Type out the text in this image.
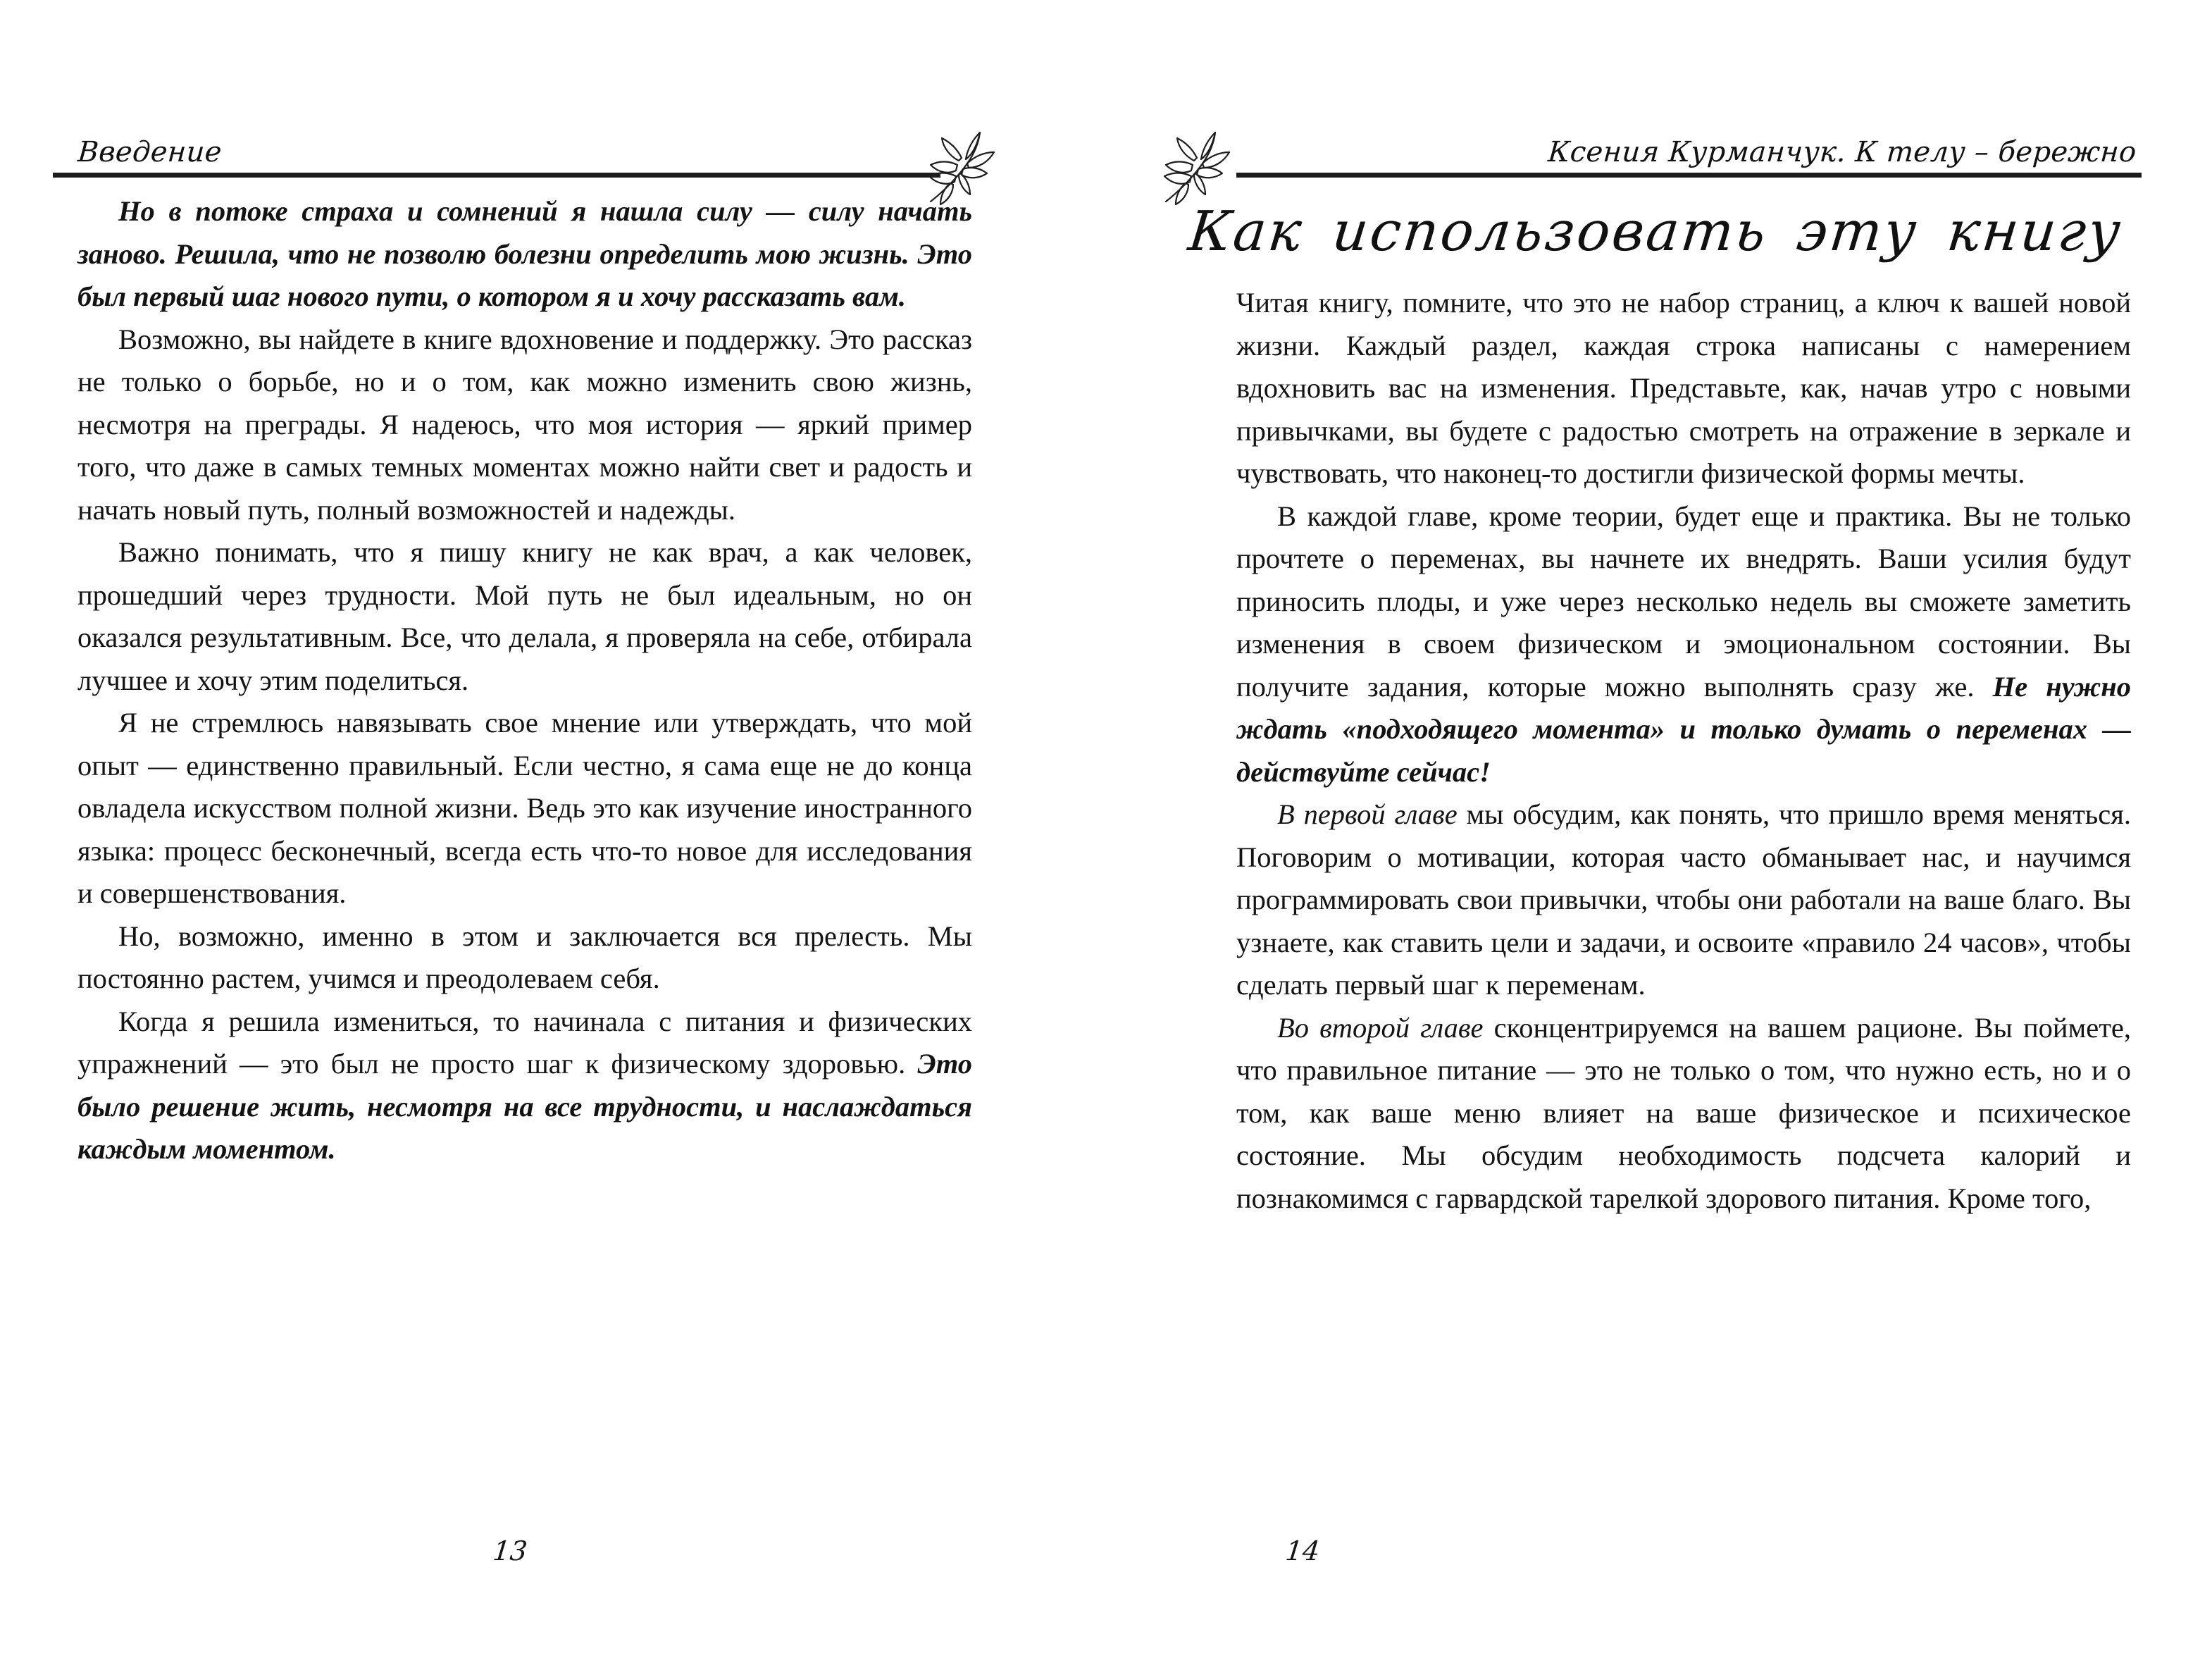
Введение

Но в потоке страха и сомнений я нашла силу — силу начать заново. Решила, что не позволю болезни определить мою жизнь. Это был первый шаг нового пути, о котором я и хочу рассказать вам.

Возможно, вы найдете в книге вдохновение и поддержку. Это рассказ не только о борьбе, но и о том, как можно изменить свою жизнь, несмотря на преграды. Я надеюсь, что моя история — яркий пример того, что даже в самых темных моментах можно найти свет и радость и начать новый путь, полный возможностей и надежды.

Важно понимать, что я пишу книгу не как врач, а как человек, прошедший через трудности. Мой путь не был идеальным, но он оказался результативным. Все, что делала, я проверяла на себе, отбирала лучшее и хочу этим поделиться.

Я не стремлюсь навязывать свое мнение или утверждать, что мой опыт — единственно правильный. Если честно, я сама еще не до конца овладела искусством полной жизни. Ведь это как изучение иностранного языка: процесс бесконечный, всегда есть что-то новое для исследования и совершенствования.

Но, возможно, именно в этом и заключается вся прелесть. Мы постоянно растем, учимся и преодолеваем себя.

Когда я решила измениться, то начинала с питания и физических упражнений — это был не просто шаг к физическому здоровью. Это было решение жить, несмотря на все трудности, и наслаждаться каждым моментом.

13
Ксения Курманчук. К телу – бережно
Как использовать эту книгу

Читая книгу, помните, что это не набор страниц, а ключ к вашей новой жизни. Каждый раздел, каждая строка написаны с намерением вдохновить вас на изменения. Представьте, как, начав утро с новыми привычками, вы будете с радостью смотреть на отражение в зеркале и чувствовать, что наконец-то достигли физической формы мечты.

В каждой главе, кроме теории, будет еще и практика. Вы не только прочтете о переменах, вы начнете их внедрять. Ваши усилия будут приносить плоды, и уже через несколько недель вы сможете заметить изменения в своем физическом и эмоциональном состоянии. Вы получите задания, которые можно выполнять сразу же. Не нужно ждать «подходящего момента» и только думать о переменах — действуйте сейчас!

В первой главе мы обсудим, как понять, что пришло время меняться. Поговорим о мотивации, которая часто обманывает нас, и научимся программировать свои привычки, чтобы они работали на ваше благо. Вы узнаете, как ставить цели и задачи, и освоите «правило 24 часов», чтобы сделать первый шаг к переменам.

Во второй главе сконцентрируемся на вашем рационе. Вы поймете, что правильное питание — это не только о том, что нужно есть, но и о том, как ваше меню влияет на ваше физическое и психическое состояние. Мы обсудим необходимость подсчета калорий и познакомимся с гарвардской тарелкой здорового питания. Кроме того,

14
